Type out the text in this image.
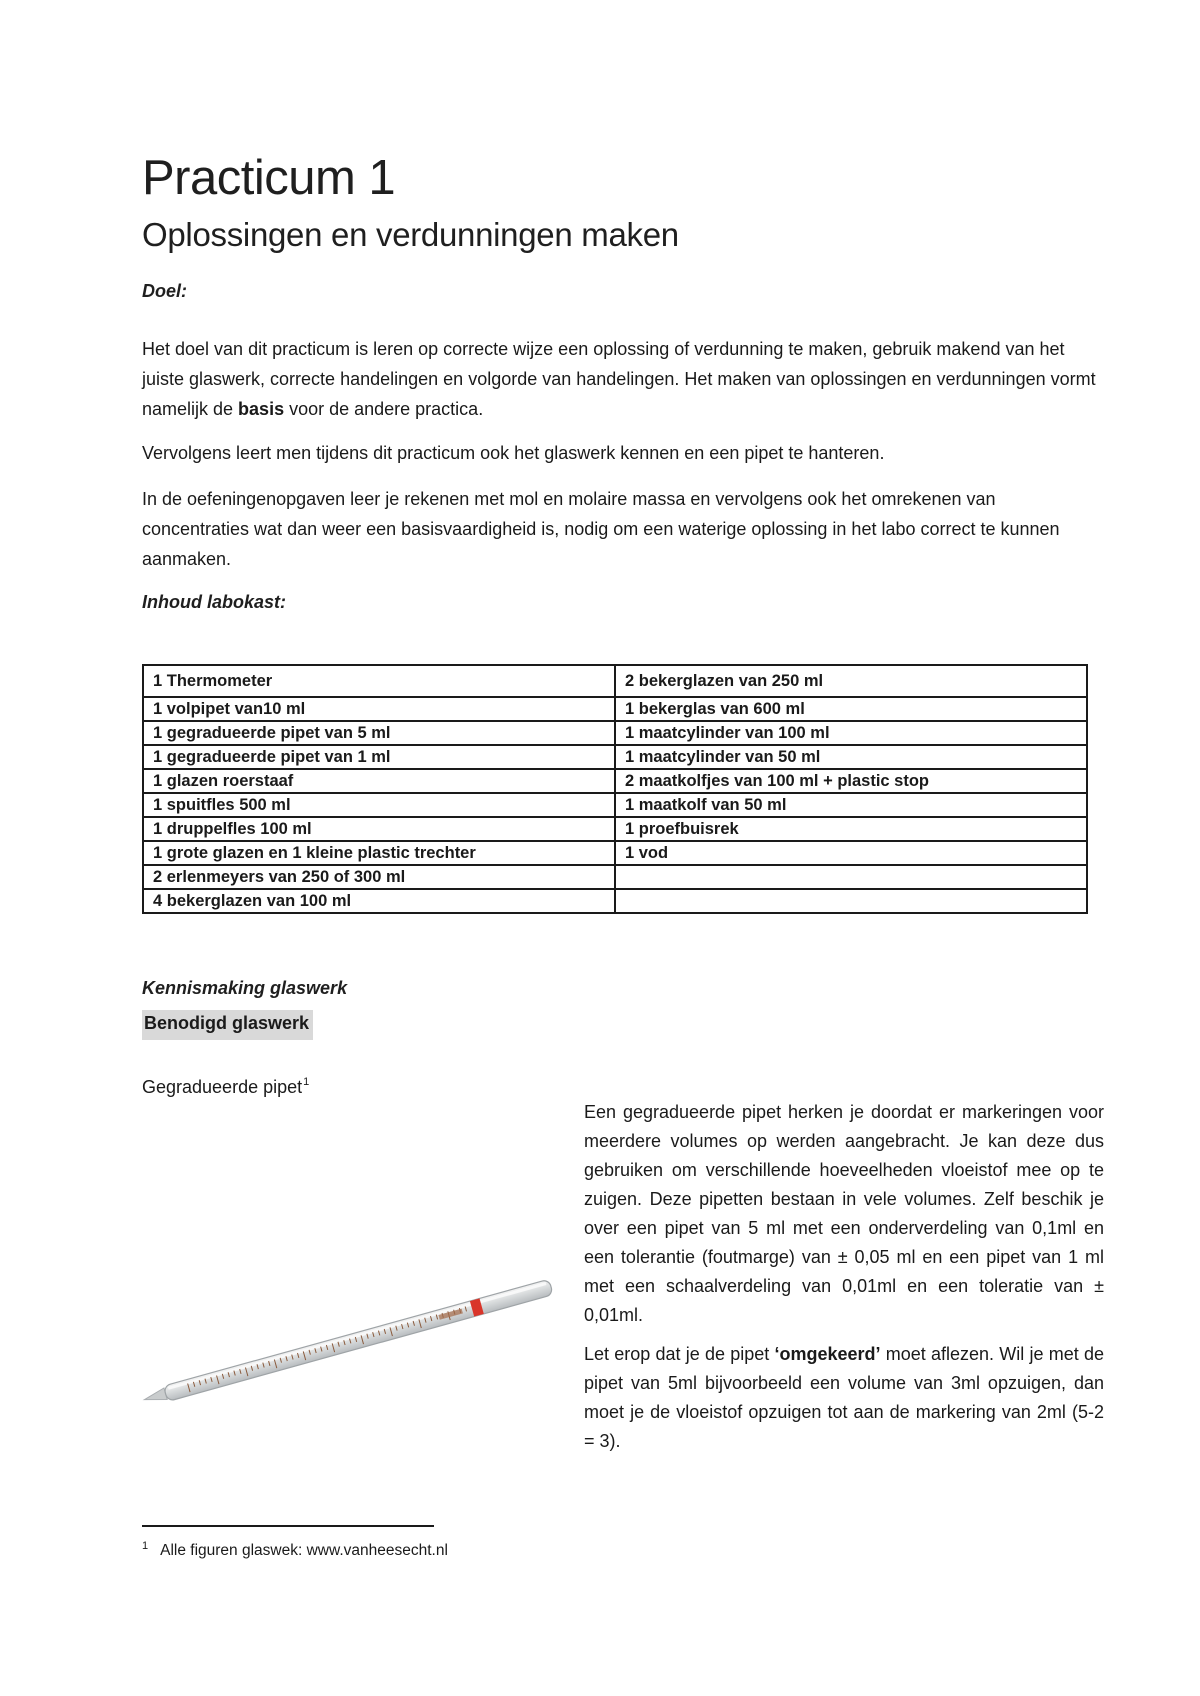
Practicum 1
Oplossingen en verdunningen maken

Doel:

Het doel van dit practicum is leren op correcte wijze een oplossing of verdunning te maken, gebruik makend van het juiste glaswerk, correcte handelingen en volgorde van handelingen. Het maken van oplossingen en verdunningen vormt namelijk de basis voor de andere practica.

Vervolgens leert men tijdens dit practicum ook het glaswerk kennen en een pipet te hanteren.

In de oefeningenopgaven leer je rekenen met mol en molaire massa en vervolgens ook het omrekenen van concentraties wat dan weer een basisvaardigheid is, nodig om een waterige oplossing in het labo correct te kunnen aanmaken.

Inhoud labokast:

1 Thermometer	2 bekerglazen van 250 ml
1 volpipet van10 ml	1 bekerglas van 600 ml
1 gegradueerde pipet van 5 ml	1 maatcylinder van 100 ml
1 gegradueerde pipet van 1 ml	1 maatcylinder van 50 ml
1 glazen roerstaaf	2 maatkolfjes van 100 ml + plastic stop
1 spuitfles 500 ml	1 maatkolf van 50 ml
1 druppelfles 100 ml	1 proefbuisrek
1 grote glazen en 1 kleine plastic trechter	1 vod
2 erlenmeyers van 250 of 300 ml	
4 bekerglazen van 100 ml	

Kennismaking glaswerk

Benodigd glaswerk

Gegradueerde pipet$^1$

Een gegradueerde pipet herken je doordat er markeringen voor meerdere volumes op werden aangebracht. Je kan deze dus gebruiken om verschillende hoeveelheden vloeistof mee op te zuigen. Deze pipetten bestaan in vele volumes. Zelf beschik je over een pipet van 5 ml met een onderverdeling van 0,1ml en een tolerantie (foutmarge) van ± 0,05 ml en een pipet van 1 ml met een schaalverdeling van 0,01ml en een toleratie van ± 0,01ml.

Let erop dat je de pipet ‘omgekeerd’ moet aflezen. Wil je met de pipet van 5ml bijvoorbeeld een volume van 3ml opzuigen, dan moet je de vloeistof opzuigen tot aan de markering van 2ml (5-2 = 3).

$^1$ Alle figuren glaswek: www.vanheesecht.nl
